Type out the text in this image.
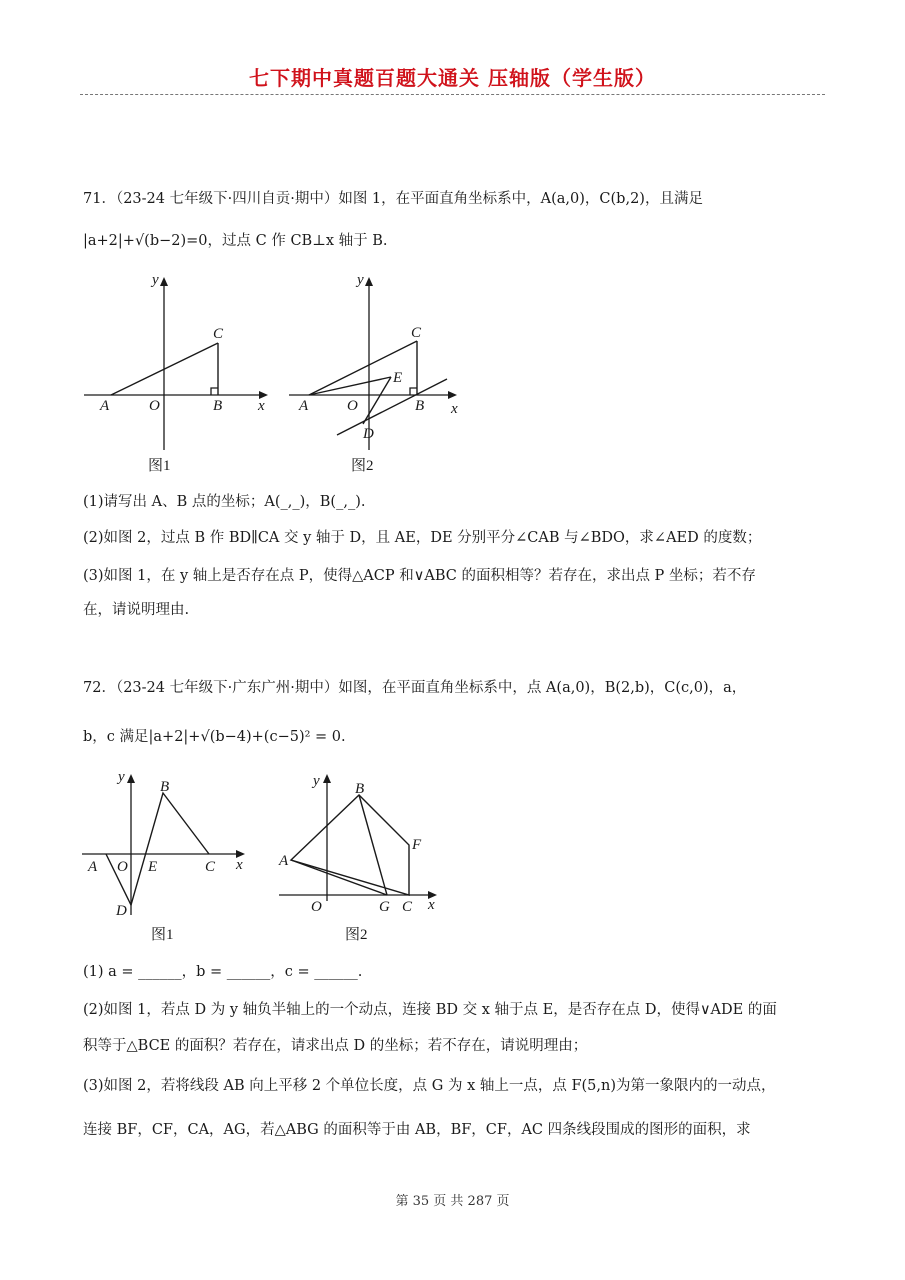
七下期中真题百题大通关 压轴版（学生版）
71．（23-24 七年级下·四川自贡·期中）如图 1，在平面直角坐标系中，A(a,0)，C(b,2)，且满足
|a+2|+√(b−2)=0，过点 C 作 CB⊥x 轴于 B.
y
x
A	O	B
C
图1
y
x
A	O	B
C
E
D
图2
(1)请写出 A、B 点的坐标；A(_,_)，B(_,_).
(2)如图 2，过点 B 作 BD∥CA 交 y 轴于 D，且 AE，DE 分别平分∠CAB 与∠BDO，求∠AED 的度数；
(3)如图 1，在 y 轴上是否存在点 P，使得△ACP 和∨ABC 的面积相等？若存在，求出点 P 坐标；若不存
在，请说明理由.
72．（23-24 七年级下·广东广州·期中）如图，在平面直角坐标系中，点 A(a,0)，B(2,b)，C(c,0)，a，
b，c 满足|a+2|+√(b−4)+(c−5)² = 0.
y
x
A O E	C
B
D
图1
y
x
A
B
F
O	G C
图2
(1) a = ______，b = ______，c = ______.
(2)如图 1，若点 D 为 y 轴负半轴上的一个动点，连接 BD 交 x 轴于点 E，是否存在点 D，使得∨ADE 的面
积等于△BCE 的面积？若存在，请求出点 D 的坐标；若不存在，请说明理由；
(3)如图 2，若将线段 AB 向上平移 2 个单位长度，点 G 为 x 轴上一点，点 F(5,n)为第一象限内的一动点，
连接 BF，CF，CA，AG，若△ABG 的面积等于由 AB，BF，CF，AC 四条线段围成的图形的面积，求
第 35 页 共 287 页
